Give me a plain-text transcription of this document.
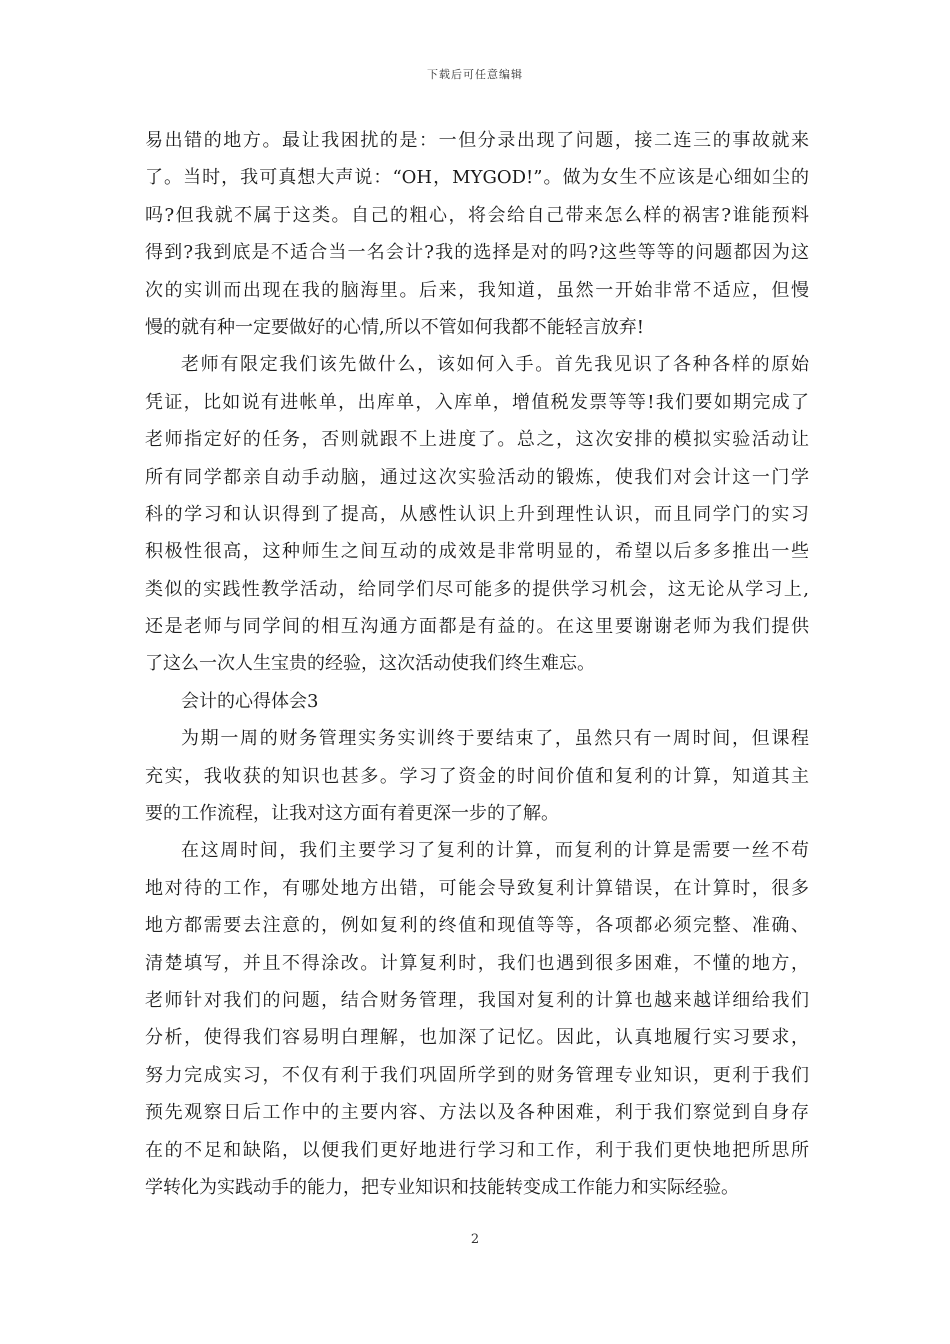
下载后可任意编辑
易出错的地方。最让我困扰的是：一但分录出现了问题，接二连三的事故就来
了。当时，我可真想大声说：“OH，MYGOD!”。做为女生不应该是心细如尘的
吗?但我就不属于这类。自己的粗心，将会给自己带来怎么样的祸害?谁能预料
得到?我到底是不适合当一名会计?我的选择是对的吗?这些等等的问题都因为这
次的实训而出现在我的脑海里。后来，我知道，虽然一开始非常不适应，但慢
慢的就有种一定要做好的心情,所以不管如何我都不能轻言放弃!
老师有限定我们该先做什么，该如何入手。首先我见识了各种各样的原始
凭证，比如说有进帐单，出库单，入库单，增值税发票等等!我们要如期完成了
老师指定好的任务，否则就跟不上进度了。总之，这次安排的模拟实验活动让
所有同学都亲自动手动脑，通过这次实验活动的锻炼，使我们对会计这一门学
科的学习和认识得到了提高，从感性认识上升到理性认识，而且同学门的实习
积极性很高，这种师生之间互动的成效是非常明显的，希望以后多多推出一些
类似的实践性教学活动，给同学们尽可能多的提供学习机会，这无论从学习上,
还是老师与同学间的相互沟通方面都是有益的。在这里要谢谢老师为我们提供
了这么一次人生宝贵的经验，这次活动使我们终生难忘。
会计的心得体会3
为期一周的财务管理实务实训终于要结束了，虽然只有一周时间，但课程
充实，我收获的知识也甚多。学习了资金的时间价值和复利的计算，知道其主
要的工作流程，让我对这方面有着更深一步的了解。
在这周时间，我们主要学习了复利的计算，而复利的计算是需要一丝不苟
地对待的工作，有哪处地方出错，可能会导致复利计算错误，在计算时，很多
地方都需要去注意的，例如复利的终值和现值等等，各项都必须完整、准确、
清楚填写，并且不得涂改。计算复利时，我们也遇到很多困难，不懂的地方，
老师针对我们的问题，结合财务管理，我国对复利的计算也越来越详细给我们
分析，使得我们容易明白理解，也加深了记忆。因此，认真地履行实习要求，
努力完成实习，不仅有利于我们巩固所学到的财务管理专业知识，更利于我们
预先观察日后工作中的主要内容、方法以及各种困难，利于我们察觉到自身存
在的不足和缺陷，以便我们更好地进行学习和工作，利于我们更快地把所思所
学转化为实践动手的能力，把专业知识和技能转变成工作能力和实际经验。
2
